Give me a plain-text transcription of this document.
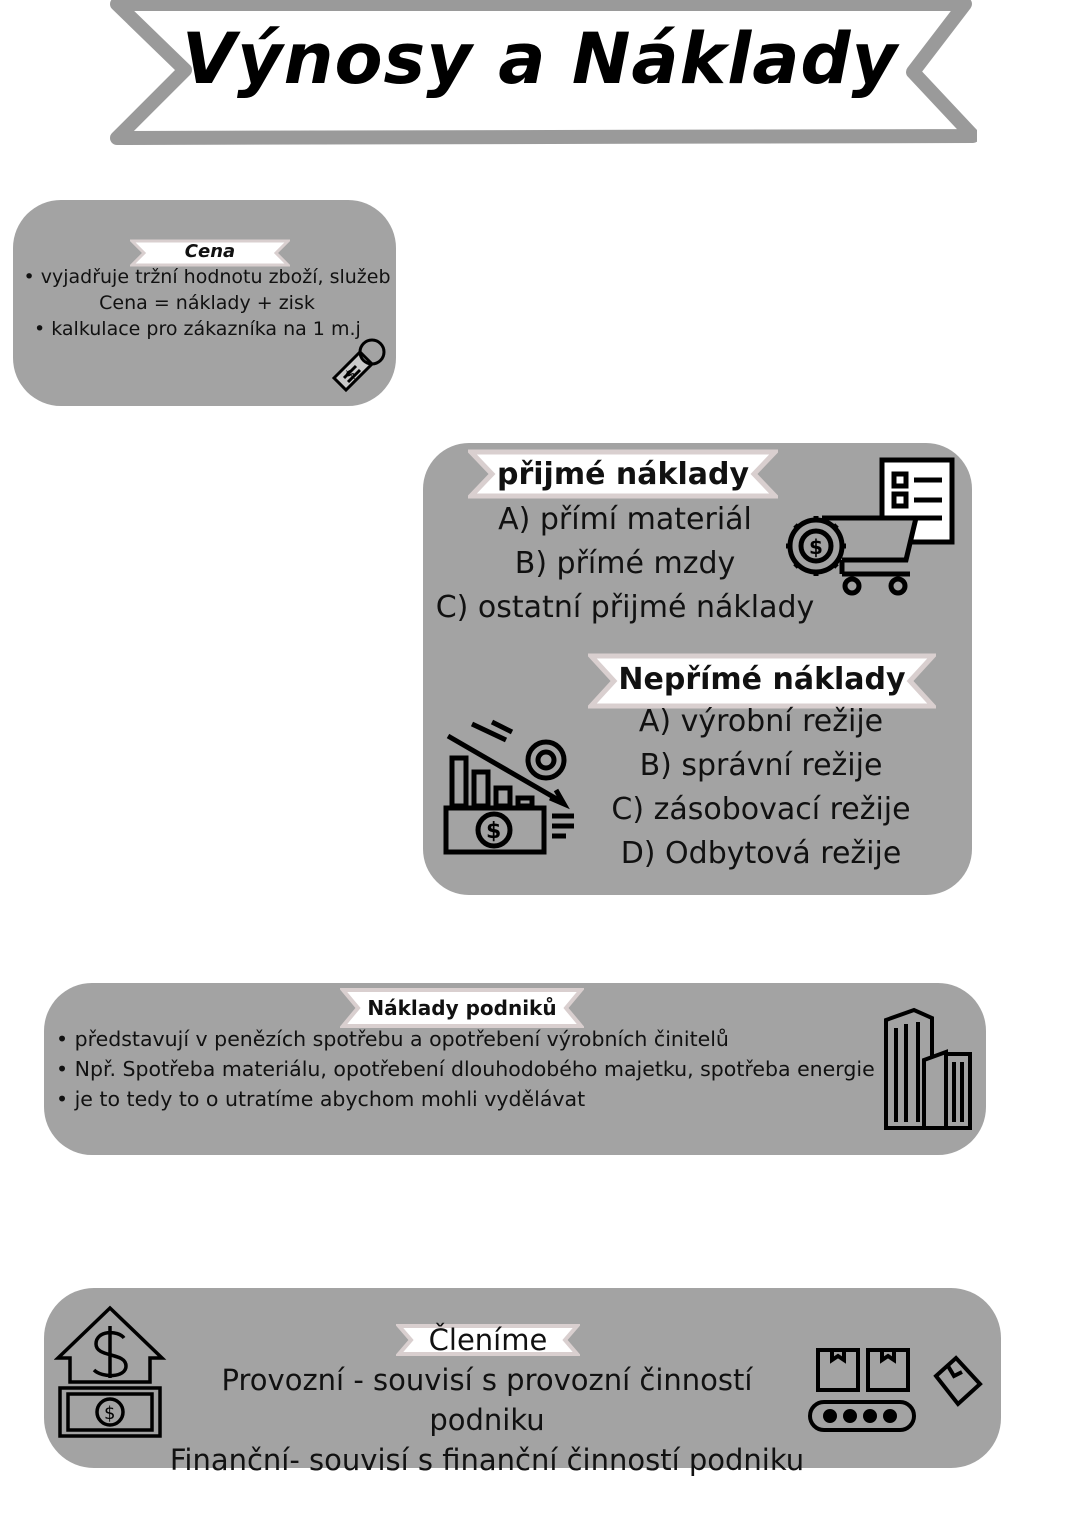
Výnosy a Náklady
Cena
• vyjadřuje tržní hodnotu zboží, služeb
Cena = náklady + zisk
• kalkulace pro zákazníka na 1 m.j
$
přijmé náklady
A) přímí materiál
B) přímé mzdy
C) ostatní přijmé náklady
$
Nepřímé náklady
A) výrobní režije
B) správní režije
C) zásobovací režije
D) Odbytová režije
$
Náklady podniků
• představují v penězích spotřebu a opotřebení výrobních činitelů
• Npř. Spotřeba materiálu, opotřebení dlouhodobého majetku, spotřeba energie
• je to tedy to o utratíme abychom mohli vydělávat
Členíme
Provozní - souvisí s provozní činností podniku
Finanční- souvisí s finanční činností podniku
$
